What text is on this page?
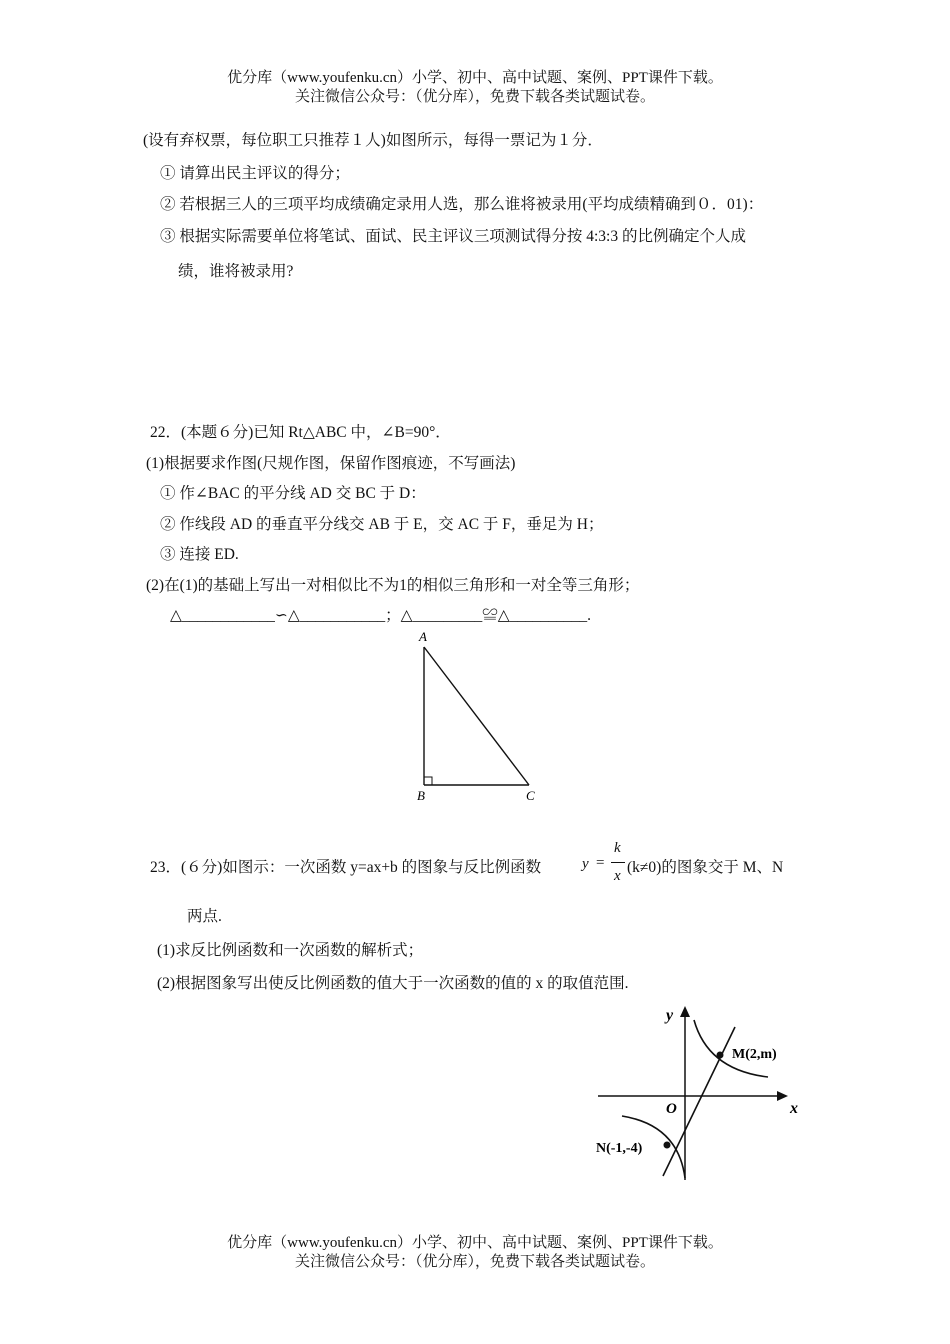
优分库（www.youfenku.cn）小学、初中、高中试题、案例、PPT课件下载。
关注微信公众号：（优分库），免费下载各类试题试卷。
(设有弃权票，每位职工只推荐１人)如图所示，每得一票记为１分．
① 请算出民主评议的得分；
② 若根据三人的三项平均成绩确定录用人选，那么谁将被录用(平均成绩精确到０．01)：
③ 根据实际需要单位将笔试、面试、民主评议三项测试得分按 4:3:3 的比例确定个人成
绩，谁将被录用?
22．(本题６分)已知 Rt△ABC 中，∠B=90°．
(1)根据要求作图(尺规作图，保留作图痕迹，不写画法)
① 作∠BAC 的平分线 AD 交 BC 于 D：
② 作线段 AD 的垂直平分线交 AB 于 E，交 AC 于 F，垂足为 H；
③ 连接 ED.
(2)在(1)的基础上写出一对相似比不为1的相似三角形和一对全等三角形；
△____________∽△___________；△_________≌△__________.
A
B	C
23．(６分)如图示：一次函数 y=ax+b 的图象与反比例函数	y =
k
x (k≠0)的图象交于 M、N
两点.
(1)求反比例函数和一次函数的解析式；
(2)根据图象写出使反比例函数的值大于一次函数的值的 x 的取值范围.
y
x
O
M(2,m)
N(-1,-4)
优分库（www.youfenku.cn）小学、初中、高中试题、案例、PPT课件下载。
关注微信公众号：（优分库），免费下载各类试题试卷。
